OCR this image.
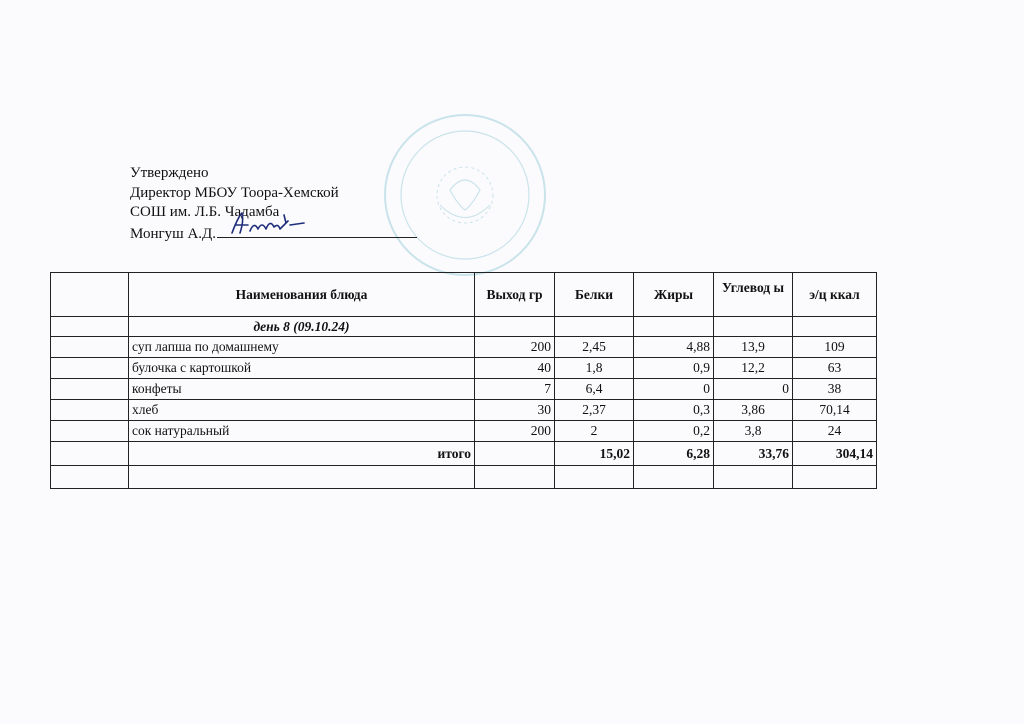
Утверждено
Директор МБОУ Тоора-Хемской
СОШ им. Л.Б. Чадамба
Монгуш А.Д.
	Наименования блюда	Выход гр	Белки	Жиры	Углевод ы	э/ц ккал
	день 8 (09.10.24)					
	суп лапша по домашнему	200	2,45	4,88	13,9	109
	булочка с картошкой	40	1,8	0,9	12,2	63
	конфеты	7	6,4	0	0	38
	хлеб	30	2,37	0,3	3,86	70,14
	сок натуральный	200	2	0,2	3,8	24
	итого		15,02	6,28	33,76	304,14
